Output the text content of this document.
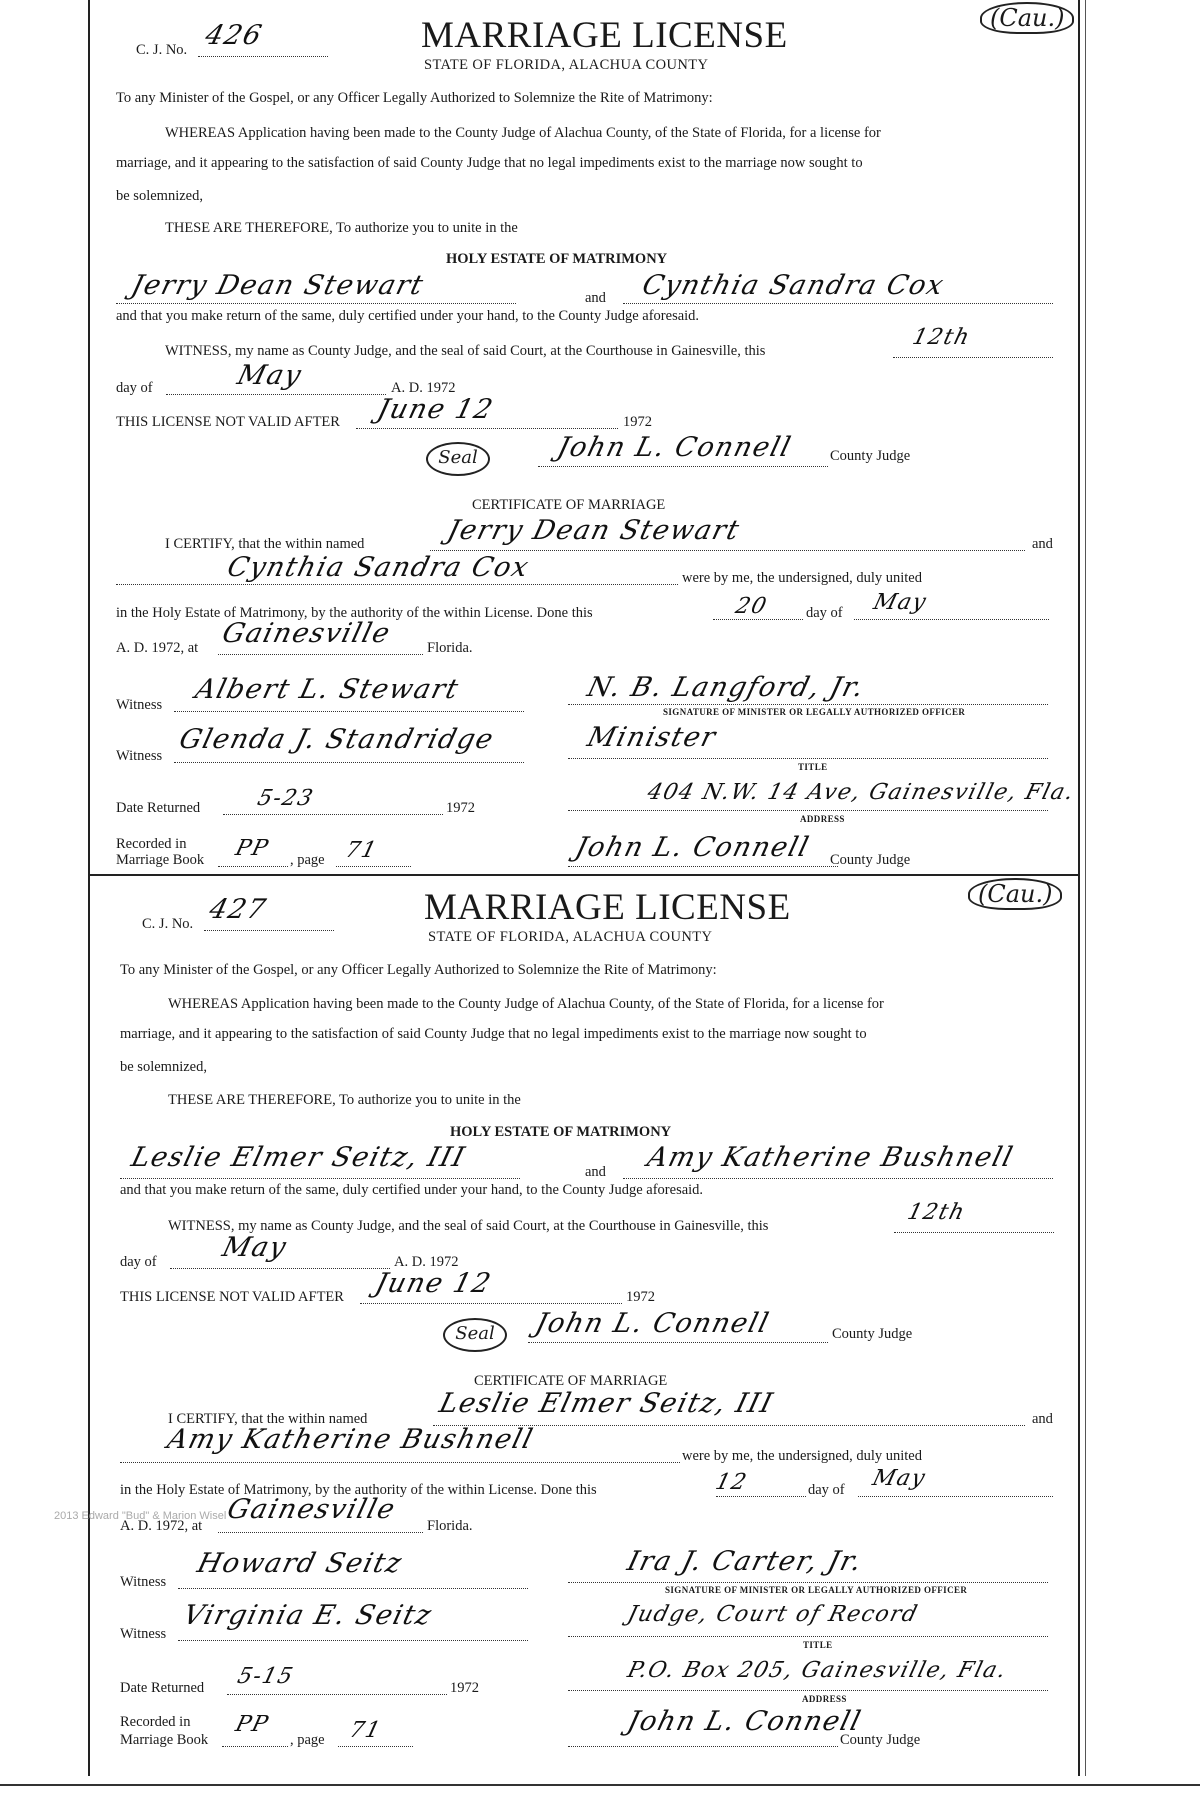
2013 Edward "Bud" & Marion Wisel
(Cau.)
C. J. No. 426	MARRIAGE LICENSE
STATE OF FLORIDA, ALACHUA COUNTY
To any Minister of the Gospel, or any Officer Legally Authorized to Solemnize the Rite of Matrimony:
WHEREAS Application having been made to the County Judge of Alachua County, of the State of Florida, for a license for
marriage, and it appearing to the satisfaction of said County Judge that no legal impediments exist to the marriage now sought to
be solemnized,
THESE ARE THEREFORE, To authorize you to unite in the
HOLY ESTATE OF MATRIMONY
Jerry Dean Stewart	and Cynthia Sandra Cox
and that you make return of the same, duly certified under your hand, to the County Judge aforesaid.
WITNESS, my name as County Judge, and the seal of said Court, at the Courthouse in Gainesville, this
12th
day of	May	A. D. 1972
THIS LICENSE NOT VALID AFTER June 12	1972
Seal	John L. Connell County Judge
CERTIFICATE OF MARRIAGE
I CERTIFY, that the within named	Jerry Dean Stewart	and
Cynthia Sandra Cox	were by me, the undersigned, duly united
in the Holy Estate of Matrimony, by the authority of the within License. Done this	20 day of May
A. D. 1972, at Gainesville Florida.
Witness Albert L. Stewart	N. B. Langford, Jr.
SIGNATURE OF MINISTER OR LEGALLY AUTHORIZED OFFICER
Witness
Glenda J. Standridge	Minister
TITLE
Date Returned 5-23	1972
404 N.W. 14 Ave, Gainesville, Fla.
ADDRESS
Recorded in
Marriage Book PP , page 71	John L. Connell County Judge
(Cau.)
C. J. No. 427	MARRIAGE LICENSE
STATE OF FLORIDA, ALACHUA COUNTY
To any Minister of the Gospel, or any Officer Legally Authorized to Solemnize the Rite of Matrimony:
WHEREAS Application having been made to the County Judge of Alachua County, of the State of Florida, for a license for
marriage, and it appearing to the satisfaction of said County Judge that no legal impediments exist to the marriage now sought to
be solemnized,
THESE ARE THEREFORE, To authorize you to unite in the
HOLY ESTATE OF MATRIMONY
Leslie Elmer Seitz, III	and Amy Katherine Bushnell
and that you make return of the same, duly certified under your hand, to the County Judge aforesaid.
WITNESS, my name as County Judge, and the seal of said Court, at the Courthouse in Gainesville, this
12th
day of May	A. D. 1972
THIS LICENSE NOT VALID AFTER June 12	1972
Seal	John L. Connell	County Judge
CERTIFICATE OF MARRIAGE
I CERTIFY, that the within named	Leslie Elmer Seitz, III	and
Amy Katherine Bushnell
were by me, the undersigned, duly united
in the Holy Estate of Matrimony, by the authority of the within License. Done this	12	day of May
A. D. 1972, at
Gainesville
Florida.
Witness
Howard Seitz	Ira J. Carter, Jr.
SIGNATURE OF MINISTER OR LEGALLY AUTHORIZED OFFICER
Witness
Virginia E. Seitz	Judge, Court of Record
TITLE
Date Returned 5-15	1972
P.O. Box 205, Gainesville, Fla.
ADDRESS
Recorded in
Marriage Book
PP
, page 71	John L. Connell
County Judge
